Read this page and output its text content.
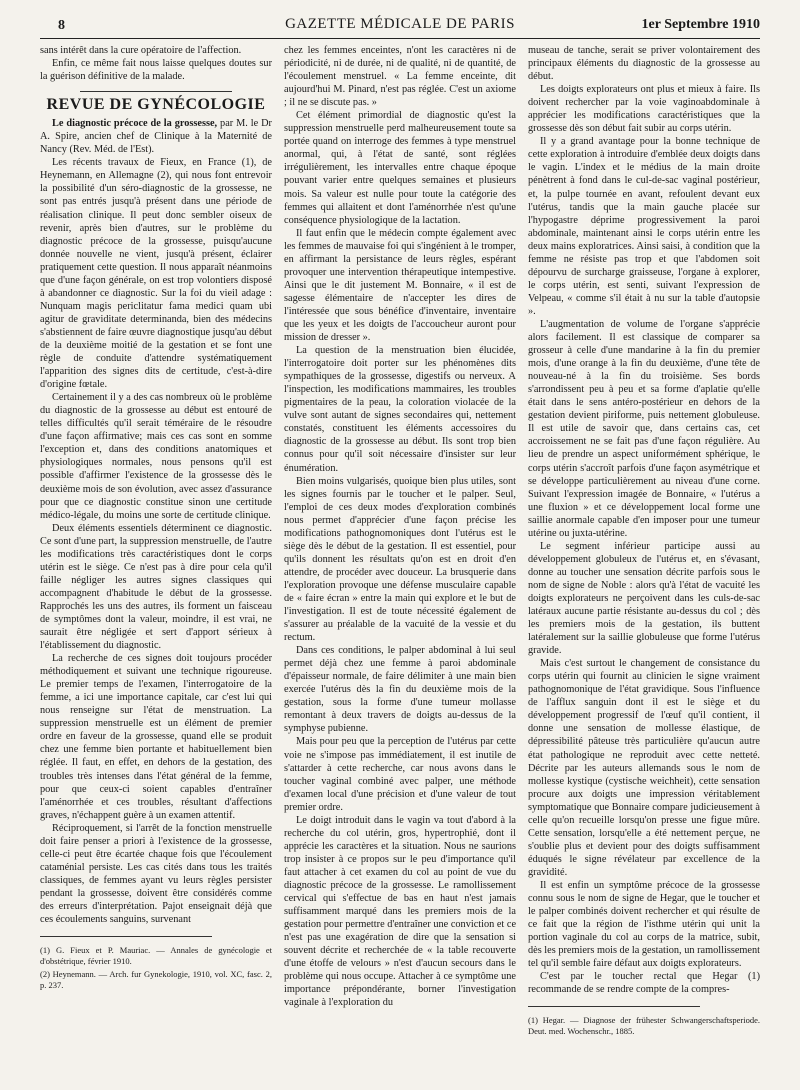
8	GAZETTE MÉDICALE DE PARIS	1er Septembre 1910

sans intérêt dans la cure opératoire de l'affection.

Enfin, ce même fait nous laisse quelques doutes sur la guérison définitive de la malade.

REVUE DE GYNÉCOLOGIE

Le diagnostic précoce de la grossesse, par M. le Dr A. Spire, ancien chef de Clinique à la Maternité de Nancy (Rev. Méd. de l'Est).

Les récents travaux de Fieux, en France (1), de Heynemann, en Allemagne (2), qui nous font entrevoir la possibilité d'un séro-diagnostic de la grossesse, ne sont pas entrés jusqu'à présent dans une période de réalisation clinique. Il peut donc sembler oiseux de revenir, après bien d'autres, sur le problème du diagnostic précoce de la grossesse, puisqu'aucune donnée nouvelle ne vient, jusqu'à présent, éclairer pratiquement cette question. Il nous apparaît néanmoins que d'une façon générale, on est trop volontiers disposé à abandonner ce diagnostic. Sur la foi du vieil adage : Nunquam magis periclitatur fama medici quam ubi agitur de graviditate determinanda, bien des médecins s'abstiennent de faire œuvre diagnostique jusqu'au début de la deuxième moitié de la gestation et se font une règle de conduite d'attendre systématiquement l'apparition des signes dits de certitude, c'est-à-dire d'origine fœtale.

Certainement il y a des cas nombreux où le problème du diagnostic de la grossesse au début est entouré de telles difficultés qu'il serait téméraire de le résoudre d'une façon affirmative; mais ces cas sont en somme l'exception et, dans des conditions anatomiques et physiologiques normales, nous pensons qu'il est possible d'affirmer l'existence de la grossesse dès le deuxième mois de son évolution, avec assez d'assurance pour que ce diagnostic constitue sinon une certitude médico-légale, du moins une sorte de certitude clinique.

Deux éléments essentiels déterminent ce diagnostic. Ce sont d'une part, la suppression menstruelle, de l'autre les modifications très caractéristiques dont le corps utérin est le siège. Ce n'est pas à dire pour cela qu'il faille négliger les autres signes classiques qui accompagnent d'habitude le début de la grossesse. Rapprochés les uns des autres, ils forment un faisceau de symptômes dont la valeur, moindre, il est vrai, ne saurait être négligée et sert d'apport sérieux à l'établissement du diagnostic.

La recherche de ces signes doit toujours procéder méthodiquement et suivant une technique rigoureuse. Le premier temps de l'examen, l'interrogatoire de la femme, a ici une importance capitale, car c'est lui qui nous renseigne sur l'état de menstruation. La suppression menstruelle est un élément de premier ordre en faveur de la grossesse, quand elle se produit chez une femme bien portante et habituellement bien réglée. Il faut, en effet, en dehors de la gestation, des troubles très intenses dans l'état général de la femme, pour que ceux-ci soient capables d'entraîner l'aménorrhée et ces troubles, résultant d'affections graves, n'échappent guère à un examen attentif.

Réciproquement, si l'arrêt de la fonction menstruelle doit faire penser a priori à l'existence de la grossesse, celle-ci peut être écartée chaque fois que l'écoulement cataménial persiste. Les cas cités dans tous les traités classiques, de femmes ayant vu leurs règles persister pendant la grossesse, doivent être considérés comme des erreurs d'interprétation. Pajot enseignait déjà que ces écoulements sanguins, survenant

(1) G. Fieux et P. Mauriac. — Annales de gynécologie et d'obstétrique, février 1910.

(2) Heynemann. — Arch. fur Gynekologie, 1910, vol. XC, fasc. 2, p. 237.

chez les femmes enceintes, n'ont les caractères ni de périodicité, ni de durée, ni de qualité, ni de quantité, de l'écoulement menstruel. « La femme enceinte, dit aujourd'hui M. Pinard, n'est pas réglée. C'est un axiome ; il ne se discute pas. »

Cet élément primordial de diagnostic qu'est la suppression menstruelle perd malheureusement toute sa portée quand on interroge des femmes à type menstruel anormal, qui, à l'état de santé, sont réglées irrégulièrement, les intervalles entre chaque époque pouvant varier entre quelques semaines et plusieurs mois. Sa valeur est nulle pour toute la catégorie des femmes qui allaitent et dont l'aménorrhée n'est qu'une conséquence physiologique de la lactation.

Il faut enfin que le médecin compte également avec les femmes de mauvaise foi qui s'ingénient à le tromper, en affirmant la persistance de leurs règles, espérant provoquer une intervention thérapeutique intempestive. Ainsi que le dit justement M. Bonnaire, « il est de sagesse élémentaire de n'accepter les dires de l'intéressée que sous bénéfice d'inventaire, inventaire que les yeux et les doigts de l'accoucheur auront pour mission de dresser ».

La question de la menstruation bien élucidée, l'interrogatoire doit porter sur les phénomènes dits sympathiques de la grossesse, digestifs ou nerveux. A l'inspection, les modifications mammaires, les troubles pigmentaires de la peau, la coloration violacée de la vulve sont autant de signes secondaires qui, nettement constatés, constituent les éléments accessoires du diagnostic de la grossesse au début. Ils sont trop bien connus pour qu'il soit nécessaire d'insister sur leur énumération.

Bien moins vulgarisés, quoique bien plus utiles, sont les signes fournis par le toucher et le palper. Seul, l'emploi de ces deux modes d'exploration combinés nous permet d'apprécier d'une façon précise les modifications pathognomoniques dont l'utérus est le siège dès le début de la gestation. Il est essentiel, pour qu'ils donnent les résultats qu'on est en droit d'en attendre, de procéder avec douceur. La brusquerie dans l'exploration provoque une défense musculaire capable de « faire écran » entre la main qui explore et le but de l'investigation. Il est de toute nécessité également de s'assurer au préalable de la vacuité de la vessie et du rectum.

Dans ces conditions, le palper abdominal à lui seul permet déjà chez une femme à paroi abdominale d'épaisseur normale, de faire délimiter à une main bien exercée l'utérus dès la fin du deuxième mois de la gestation, sous la forme d'une tumeur mollasse remontant à deux travers de doigts au-dessus de la symphyse pubienne.

Mais pour peu que la perception de l'utérus par cette voie ne s'impose pas immédiatement, il est inutile de s'attarder à cette recherche, car nous avons dans le toucher vaginal combiné avec palper, une méthode d'examen local d'une précision et d'une valeur de tout premier ordre.

Le doigt introduit dans le vagin va tout d'abord à la recherche du col utérin, gros, hypertrophié, dont il apprécie les caractères et la situation. Nous ne saurions trop insister à ce propos sur le peu d'importance qu'il faut attacher à cet examen du col au point de vue du diagnostic précoce de la grossesse. Le ramollissement cervical qui s'effectue de bas en haut n'est jamais suffisamment marqué dans les premiers mois de la gestation pour permettre d'entraîner une conviction et ce n'est pas une exagération de dire que la sensation si souvent décrite et recherchée de « la table recouverte d'une étoffe de velours » n'est d'aucun secours dans le problème qui nous occupe. Attacher à ce symptôme une importance prépondérante, borner l'investigation vaginale à l'exploration du

museau de tanche, serait se priver volontairement des principaux éléments du diagnostic de la grossesse au début.

Les doigts explorateurs ont plus et mieux à faire. Ils doivent rechercher par la voie vaginoabdominale à apprécier les modifications caractéristiques que la grossesse dès son début fait subir au corps utérin.

Il y a grand avantage pour la bonne technique de cette exploration à introduire d'emblée deux doigts dans le vagin. L'index et le médius de la main droite pénètrent à fond dans le cul-de-sac vaginal postérieur, et, la pulpe tournée en avant, refoulent devant eux l'utérus, tandis que la main gauche placée sur l'hypogastre déprime progressivement la paroi abdominale, maintenant ainsi le corps utérin entre les deux mains exploratrices. Ainsi saisi, à condition que la femme ne résiste pas trop et que l'abdomen soit dépourvu de surcharge graisseuse, l'organe à explorer, le corps utérin, est senti, suivant l'expression de Velpeau, « comme s'il était à nu sur la table d'autopsie ».

L'augmentation de volume de l'organe s'apprécie alors facilement. Il est classique de comparer sa grosseur à celle d'une mandarine à la fin du premier mois, d'une orange à la fin du deuxième, d'une tête de nouveau-né à la fin du troisième. Ses bords s'arrondissent peu à peu et sa forme d'aplatie qu'elle était dans le sens antéro-postérieur en dehors de la gestation devient piriforme, puis nettement globuleuse. Il est utile de savoir que, dans certains cas, cet accroissement ne se fait pas d'une façon régulière. Au lieu de prendre un aspect uniformément sphérique, le corps utérin s'accroît parfois d'une façon asymétrique et se développe particulièrement au niveau d'une corne. Suivant l'expression imagée de Bonnaire, « l'utérus a une fluxion » et ce développement local forme une saillie anormale capable d'en imposer pour une tumeur utérine ou juxta-utérine.

Le segment inférieur participe aussi au développement globuleux de l'utérus et, en s'évasant, donne au toucher une sensation décrite parfois sous le nom de signe de Noble : alors qu'à l'état de vacuité les doigts explorateurs ne perçoivent dans les culs-de-sac latéraux aucune partie résistante au-dessus du col ; dès les premiers mois de la gestation, ils buttent latéralement sur la saillie globuleuse que forme l'utérus gravide.

Mais c'est surtout le changement de consistance du corps utérin qui fournit au clinicien le signe vraiment pathognomonique de l'état gravidique. Sous l'influence de l'afflux sanguin dont il est le siège et du développement progressif de l'œuf qu'il contient, il donne une sensation de mollesse élastique, de dépressibilité pâteuse très particulière qu'aucun autre état pathologique ne reproduit avec cette netteté. Décrite par les auteurs allemands sous le nom de mollesse kystique (cystische weichheit), cette sensation procure aux doigts une impression véritablement symptomatique que Bonnaire compare judicieusement à celle qu'on recueille lorsqu'on presse une figue mûre. Cette sensation, lorsqu'elle a été nettement perçue, ne s'oublie plus et devient pour des doigts suffisamment éduqués le signe révélateur par excellence de la gravidité.

Il est enfin un symptôme précoce de la grossesse connu sous le nom de signe de Hegar, que le toucher et le palper combinés doivent rechercher et qui résulte de ce fait que la région de l'isthme utérin qui unit la portion vaginale du col au corps de la matrice, subit, dès les premiers mois de la gestation, un ramollissement tel qu'il semble faire défaut aux doigts explorateurs.

C'est par le toucher rectal que Hegar (1) recommande de se rendre compte de la compres-

(1) Hegar. — Diagnose der frühester Schwangerschaftsperiode. Deut. med. Wochenschr., 1885.
